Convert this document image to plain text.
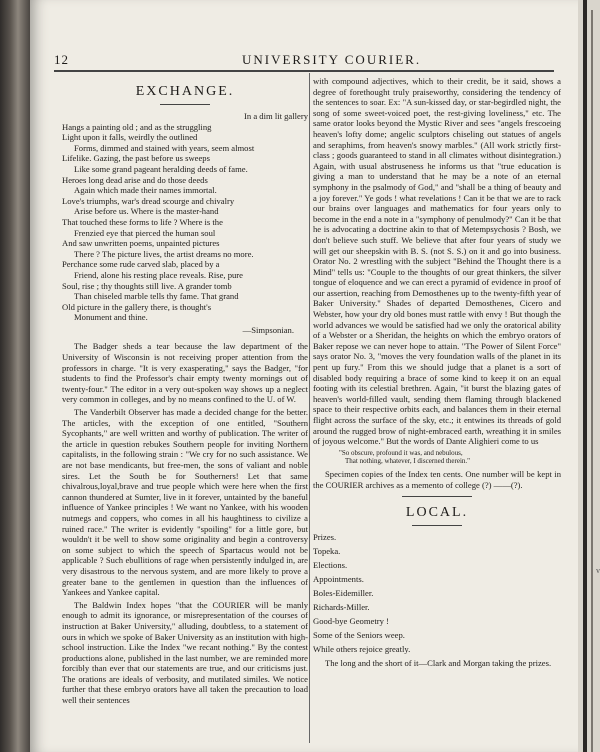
12	UNIVERSITY COURIER.
EXCHANGE.
In a dim lit gallery
Hangs a painting old ; and as the struggling
Light upon it falls, weirdly the outlined
Forms, dimmed and stained with years, seem almost
Lifelike. Gazing, the past before us sweeps
Like some grand pageant heralding deeds of fame.
Heroes long dead arise and do those deeds
Again which made their names immortal.
Love's triumphs, war's dread scourge and chivalry
Arise before us. Where is the master-hand
That touched these forms to life ? Where is the
Frenzied eye that pierced the human soul
And saw unwritten poems, unpainted pictures
There ? The picture lives, the artist dreams no more.
Perchance some rude carved slab, placed by a
Friend, alone his resting place reveals. Rise, pure
Soul, rise ; thy thoughts still live. A grander tomb
Than chiseled marble tells thy fame. That grand
Old picture in the gallery there, is thought's
Monument and thine.
—Simpsonian.

The Badger sheds a tear because the law department of the University of Wisconsin is not receiving proper attention from the professors in charge. "It is very exasperating," says the Badger, "for students to find the Professor's chair empty twenty mornings out of twenty-four." The editor in a very out-spoken way shows up a neglect very common in colleges, and by no means confined to the U. of W.

The Vanderbilt Observer has made a decided change for the better. The articles, with the exception of one entitled, "Southern Sycophants," are well written and worthy of publication. The writer of the article in question rebukes Southern people for inviting Northern capitalists, in the following strain : "We cry for no such assistance. We are not base mendicants, but free-men, the sons of valiant and noble sires. Let the South be for Southerners! Let that same chivalrous,loyal,brave and true people which were here when the first cannon thundered at Sumter, live in it forever, untainted by the baneful influence of Yankee principles ! We want no Yankee, with his wooden nutmegs and coppers, who comes in all his haughtiness to civilize a ruined race." The writer is evidently "spoiling" for a little gore, but wouldn't it be well to show some originality and begin a controversy on some subject to which the speech of Spartacus would not be applicable ? Such ebullitions of rage when persistently indulged in, are very disastrous to the nervous system, and are more likely to prove a greater bane to the gentlemen in question than the influences of Yankees and Yankee capital.

The Baldwin Index hopes "that the COURIER will be manly enough to admit its ignorance, or misrepresentation of the courses of instruction at Baker University," alluding, doubtless, to a statement of ours in which we spoke of Baker University as an institution with high-school instruction. Like the Index "we recant nothing." By the contest productions alone, published in the last number, we are reminded more forcibly than ever that our statements are true, and our criticisms just. The orations are ideals of verbosity, and mutilated similes. We notice further that these embryo orators have all taken the precaution to load well their sentences

with compound adjectives, which to their credit, be it said, shows a degree of forethought truly praiseworthy, considering the tendency of the sentences to soar. Ex: "A sun-kissed day, or star-begirdled night, the song of some sweet-voiced poet, the rest-giving loveliness," etc. The same orator looks beyond the Mystic River and sees "angels frescoeing heaven's lofty dome; angelic sculptors chiseling out statues of angels and seraphims, from heaven's snowy marbles." (All work strictly first-class ; goods guaranteed to stand in all climates without disintegration.) Again, with usual abstruseness he informs us that "true education is giving a man to understand that he may be a note of an eternal symphony in the psalmody of God," and "shall be a thing of beauty and a joy forever." Ye gods ! what revelations ! Can it be that we are to rack our brains over languages and mathematics for four years only to become in the end a note in a "symphony of penulmody?" Can it be that he is advocating a doctrine akin to that of Metempsychosis ? Bosh, we don't believe such stuff. We believe that after four years of study we will get our sheepskin with B. S. (not S. S.) on it and go into business. Orator No. 2 wrestling with the subject "Behind the Thought there is a Mind" tells us: "Couple to the thoughts of our great thinkers, the silver tongue of eloquence and we can erect a pyramid of evidence in proof of our assertion, reaching from Demosthenes up to the twenty-fifth year of Baker University." Shades of departed Demosthenes, Cicero and Webster, how your dry old bones must rattle with envy ! But though the world advances we would be satisfied had we only the oratorical ability of a Webster or a Sheridan, the heights on which the embryo orators of Baker repose we can never hope to attain. "The Power of Silent Force" says orator No. 3, "moves the very foundation walls of the planet in its pent up fury." From this we should judge that a planet is a sort of disabled body requiring a brace of some kind to keep it on an equal footing with its celestial brethren. Again, "it burst the blazing gates of heaven's world-filled vault, sending them flaming through blackened space to their respective orbits each, and balances them in their eternal flight across the surface of the sky, etc.; it entwines its threads of gold around the rugged brow of night-embraced earth, wreathing it in smiles of joyous welcome." But the words of Dante Alighieri come to us

"So obscure, profound it was, and nebulous,
That nothing, whatever, I discerned therein."

Specimen copies of the Index ten cents. One number will be kept in the COURIER archives as a memento of college (?) ——(?).

LOCAL.
Prizes.
Topeka.
Elections.
Appointments.
Boles-Eidemiller.
Richards-Miller.
Good-bye Geometry !
Some of the Seniors weep.
While others rejoice greatly.
The long and the short of it—Clark and Morgan taking the prizes.
v
